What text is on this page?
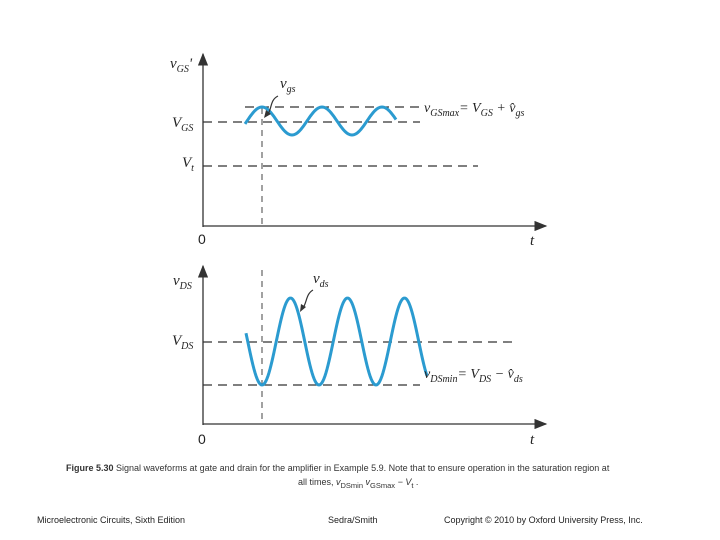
$v_{GS}'$
$V_{GS}$
$V_t$
$v_{gs}$
$v_{GSmax}= V_{GS}$ + $v̂_{gs}$
0	t
$v_{DS}$
$V_{DS}$
$v_{ds}$
$v_{DSmin}= V_{DS}$ − $v̂_{ds}$
0	t
Figure 5.30 Signal waveforms at gate and drain for the amplifier in Example 5.9. Note that to ensure operation in the saturation region at
all times, $v_{DSmin}$ $v_{GSmax} - V_t$ .
Microelectronic Circuits, Sixth Edition	Sedra/Smith	Copyright © 2010 by Oxford University Press, Inc.
